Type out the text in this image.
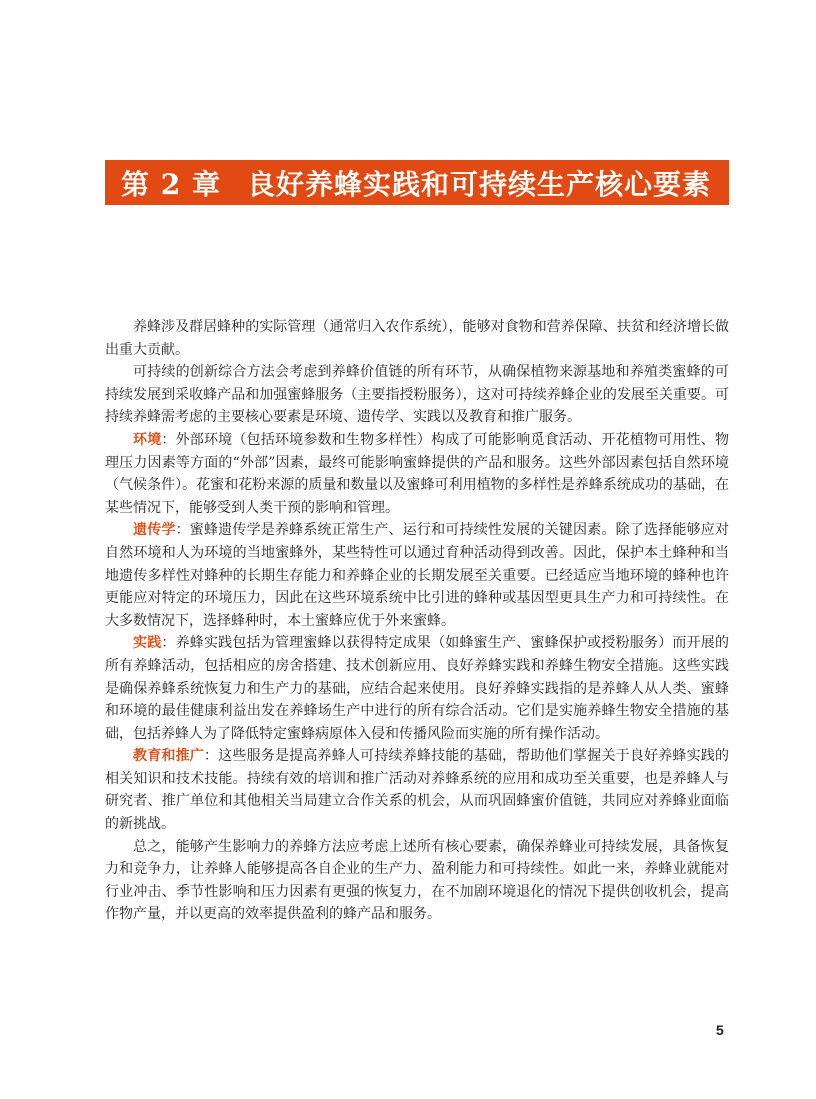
第 2 章 良好养蜂实践和可持续生产核心要素

养蜂涉及群居蜂种的实际管理（通常归入农作系统），能够对食物和营养保障、扶贫和经济增长做出重大贡献。

可持续的创新综合方法会考虑到养蜂价值链的所有环节，从确保植物来源基地和养殖类蜜蜂的可持续发展到采收蜂产品和加强蜜蜂服务（主要指授粉服务），这对可持续养蜂企业的发展至关重要。可持续养蜂需考虑的主要核心要素是环境、遗传学、实践以及教育和推广服务。

环境：外部环境（包括环境参数和生物多样性）构成了可能影响觅食活动、开花植物可用性、物理压力因素等方面的“外部”因素，最终可能影响蜜蜂提供的产品和服务。这些外部因素包括自然环境（气候条件）。花蜜和花粉来源的质量和数量以及蜜蜂可利用植物的多样性是养蜂系统成功的基础，在某些情况下，能够受到人类干预的影响和管理。

遗传学：蜜蜂遗传学是养蜂系统正常生产、运行和可持续性发展的关键因素。除了选择能够应对自然环境和人为环境的当地蜜蜂外，某些特性可以通过育种活动得到改善。因此，保护本土蜂种和当地遗传多样性对蜂种的长期生存能力和养蜂企业的长期发展至关重要。已经适应当地环境的蜂种也许更能应对特定的环境压力，因此在这些环境系统中比引进的蜂种或基因型更具生产力和可持续性。在大多数情况下，选择蜂种时，本土蜜蜂应优于外来蜜蜂。

实践：养蜂实践包括为管理蜜蜂以获得特定成果（如蜂蜜生产、蜜蜂保护或授粉服务）而开展的所有养蜂活动，包括相应的房舍搭建、技术创新应用、良好养蜂实践和养蜂生物安全措施。这些实践是确保养蜂系统恢复力和生产力的基础，应结合起来使用。良好养蜂实践指的是养蜂人从人类、蜜蜂和环境的最佳健康利益出发在养蜂场生产中进行的所有综合活动。它们是实施养蜂生物安全措施的基础，包括养蜂人为了降低特定蜜蜂病原体入侵和传播风险而实施的所有操作活动。

教育和推广：这些服务是提高养蜂人可持续养蜂技能的基础，帮助他们掌握关于良好养蜂实践的相关知识和技术技能。持续有效的培训和推广活动对养蜂系统的应用和成功至关重要，也是养蜂人与研究者、推广单位和其他相关当局建立合作关系的机会，从而巩固蜂蜜价值链，共同应对养蜂业面临的新挑战。

总之，能够产生影响力的养蜂方法应考虑上述所有核心要素，确保养蜂业可持续发展，具备恢复力和竞争力，让养蜂人能够提高各自企业的生产力、盈利能力和可持续性。如此一来，养蜂业就能对行业冲击、季节性影响和压力因素有更强的恢复力，在不加剧环境退化的情况下提供创收机会，提高作物产量，并以更高的效率提供盈利的蜂产品和服务。

5
